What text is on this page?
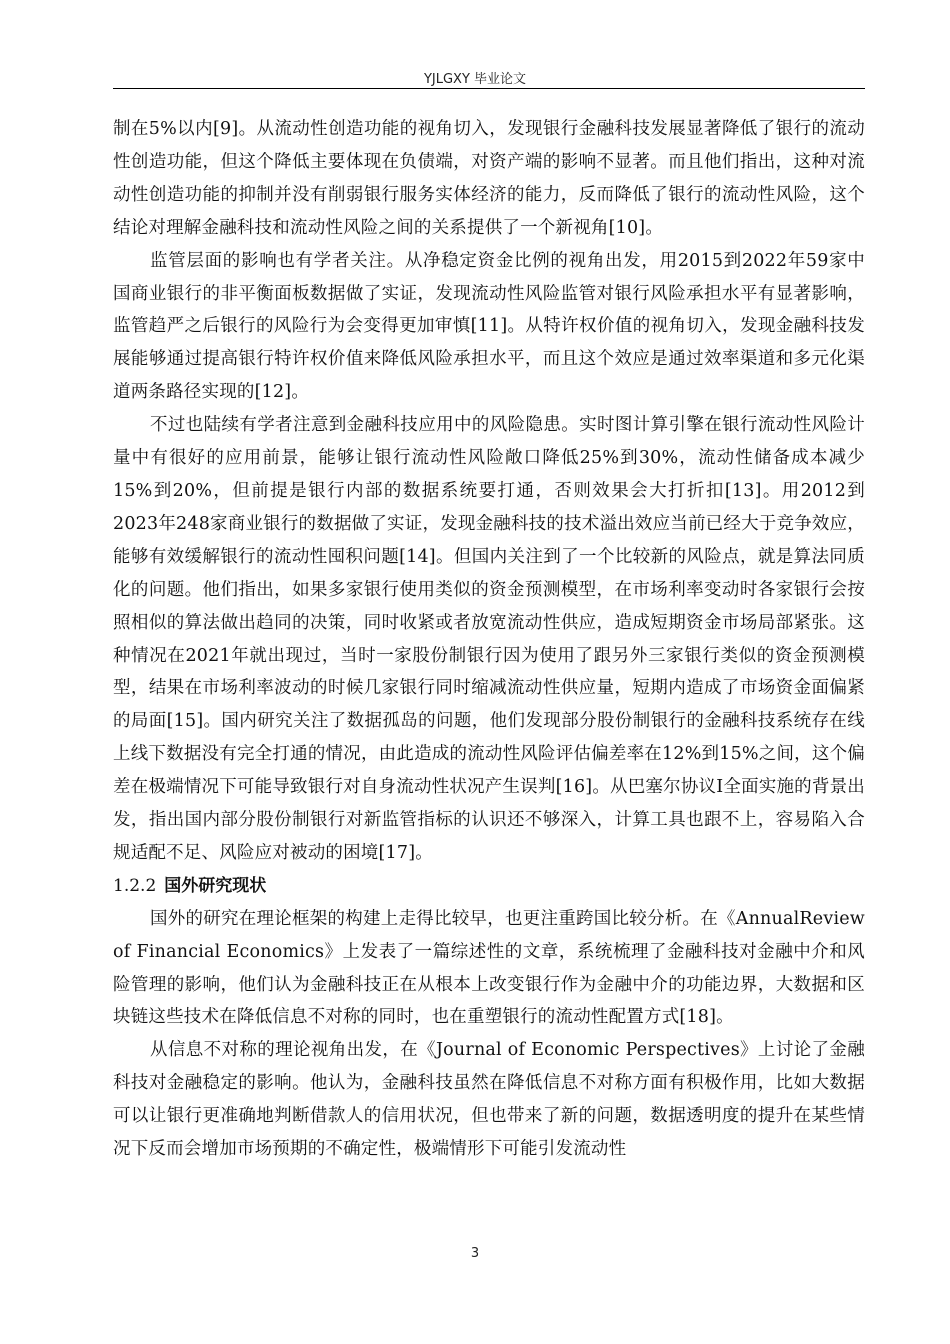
YJLGXY 毕业论文

制在5%以内[9]。从流动性创造功能的视角切入，发现银行金融科技发展显著降低了银行的流动性创造功能，但这个降低主要体现在负债端，对资产端的影响不显著。而且他们指出，这种对流动性创造功能的抑制并没有削弱银行服务实体经济的能力，反而降低了银行的流动性风险，这个结论对理解金融科技和流动性风险之间的关系提供了一个新视角[10]。

监管层面的影响也有学者关注。从净稳定资金比例的视角出发，用2015到2022年59家中国商业银行的非平衡面板数据做了实证，发现流动性风险监管对银行风险承担水平有显著影响，监管趋严之后银行的风险行为会变得更加审慎[11]。从特许权价值的视角切入，发现金融科技发展能够通过提高银行特许权价值来降低风险承担水平，而且这个效应是通过效率渠道和多元化渠道两条路径实现的[12]。

不过也陆续有学者注意到金融科技应用中的风险隐患。实时图计算引擎在银行流动性风险计量中有很好的应用前景，能够让银行流动性风险敞口降低25%到30%，流动性储备成本减少15%到20%，但前提是银行内部的数据系统要打通，否则效果会大打折扣[13]。用2012到2023年248家商业银行的数据做了实证，发现金融科技的技术溢出效应当前已经大于竞争效应，能够有效缓解银行的流动性囤积问题[14]。但国内关注到了一个比较新的风险点，就是算法同质化的问题。他们指出，如果多家银行使用类似的资金预测模型，在市场利率变动时各家银行会按照相似的算法做出趋同的决策，同时收紧或者放宽流动性供应，造成短期资金市场局部紧张。这种情况在2021年就出现过，当时一家股份制银行因为使用了跟另外三家银行类似的资金预测模型，结果在市场利率波动的时候几家银行同时缩减流动性供应量，短期内造成了市场资金面偏紧的局面[15]。国内研究关注了数据孤岛的问题，他们发现部分股份制银行的金融科技系统存在线上线下数据没有完全打通的情况，由此造成的流动性风险评估偏差率在12%到15%之间，这个偏差在极端情况下可能导致银行对自身流动性状况产生误判[16]。从巴塞尔协议I全面实施的背景出发，指出国内部分股份制银行对新监管指标的认识还不够深入，计算工具也跟不上，容易陷入合规适配不足、风险应对被动的困境[17]。

1.2.2 国外研究现状

国外的研究在理论框架的构建上走得比较早，也更注重跨国比较分析。在《AnnualReview of Financial Economics》上发表了一篇综述性的文章，系统梳理了金融科技对金融中介和风险管理的影响，他们认为金融科技正在从根本上改变银行作为金融中介的功能边界，大数据和区块链这些技术在降低信息不对称的同时，也在重塑银行的流动性配置方式[18]。

从信息不对称的理论视角出发，在《Journal of Economic Perspectives》上讨论了金融科技对金融稳定的影响。他认为，金融科技虽然在降低信息不对称方面有积极作用，比如大数据可以让银行更准确地判断借款人的信用状况，但也带来了新的问题，数据透明度的提升在某些情况下反而会增加市场预期的不确定性，极端情形下可能引发流动性

3
